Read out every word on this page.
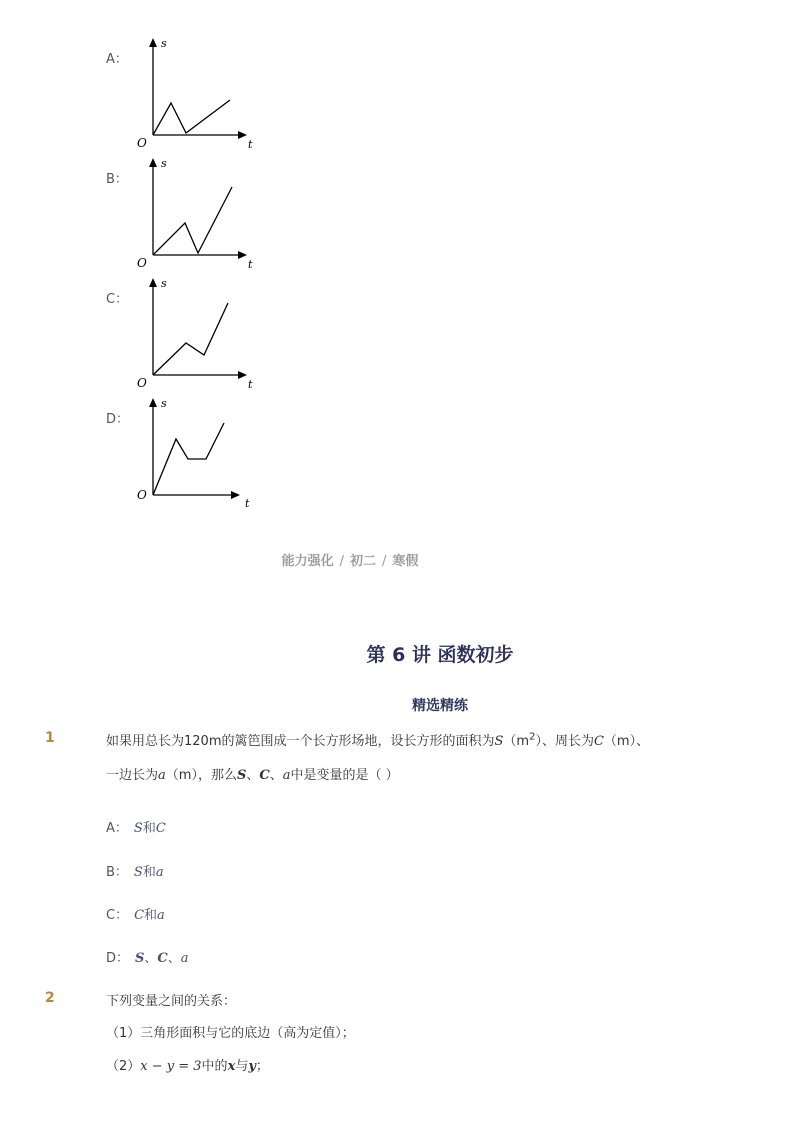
A：
s
t
O
B：
s
t
O
C：
s
t
O
D：
s
t
O
能力强化 / 初二 / 寒假
第 6 讲 函数初步
精选精练
1	如果用总长为120m的篱笆围成一个长方形场地，设长方形的面积为$S(m^2)$、周长为C（m）、
一边长为a（m），那么S、C、a中是变量的是（ ）
A： S和C
B： S和a
C： C和a
D： S、C、a
2	下列变量之间的关系：
（1）三角形面积与它的底边（高为定值）；
（2）x − y = 3中的x与y；
